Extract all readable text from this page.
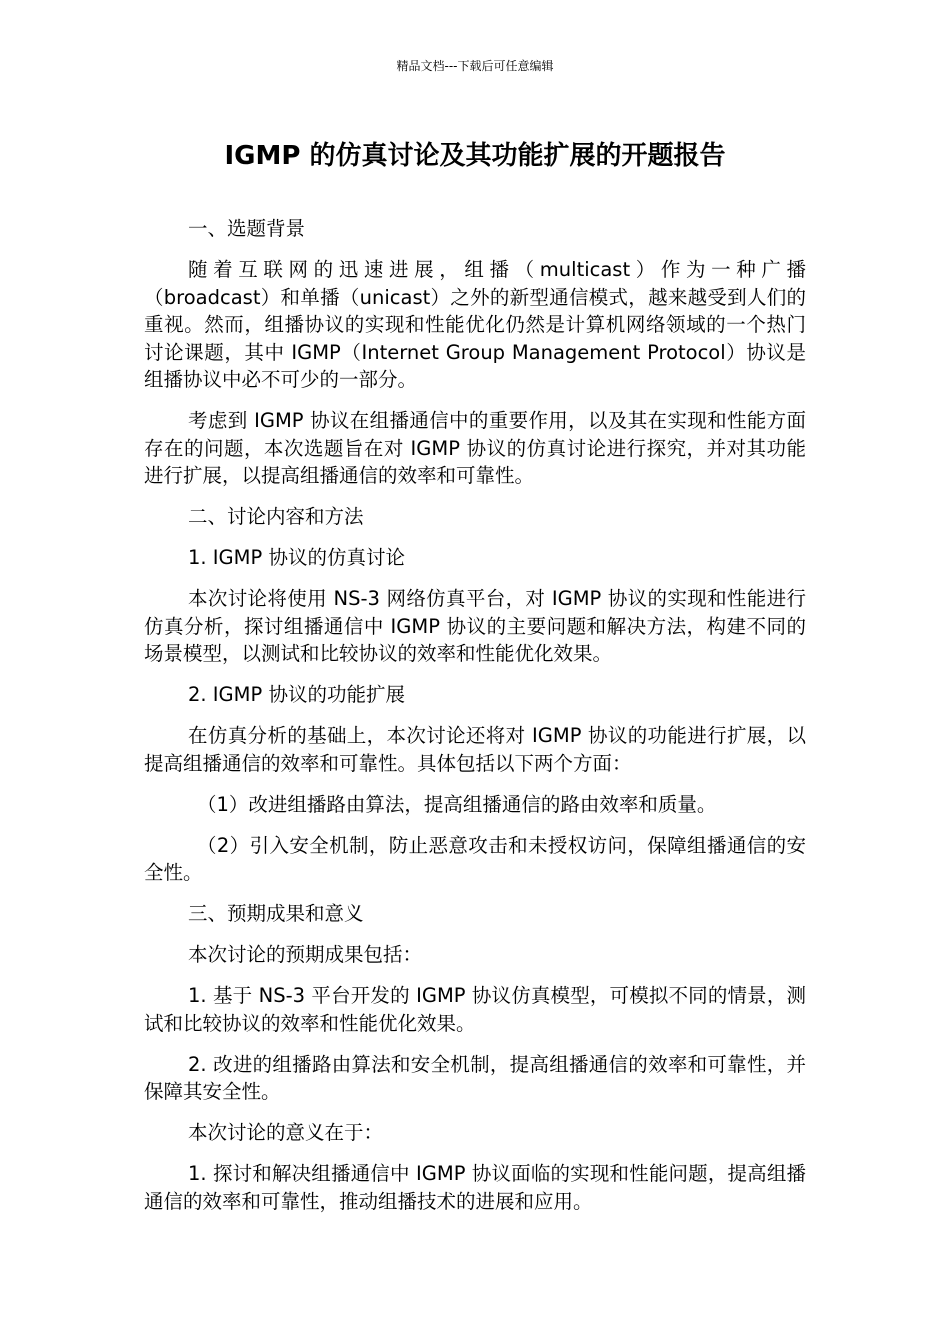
精品文档---下载后可任意编辑
IGMP 的仿真讨论及其功能扩展的开题报告

一、选题背景

随着互联网的迅速进展，组播（multicast）作为一种广播（broadcast）和单播（unicast）之外的新型通信模式，越来越受到人们的重视。然而，组播协议的实现和性能优化仍然是计算机网络领域的一个热门讨论课题，其中 IGMP（Internet Group Management Protocol）协议是组播协议中必不可少的一部分。

考虑到 IGMP 协议在组播通信中的重要作用，以及其在实现和性能方面存在的问题，本次选题旨在对 IGMP 协议的仿真讨论进行探究，并对其功能进行扩展，以提高组播通信的效率和可靠性。

二、讨论内容和方法

1. IGMP 协议的仿真讨论

本次讨论将使用 NS-3 网络仿真平台，对 IGMP 协议的实现和性能进行仿真分析，探讨组播通信中 IGMP 协议的主要问题和解决方法，构建不同的场景模型，以测试和比较协议的效率和性能优化效果。

2. IGMP 协议的功能扩展

在仿真分析的基础上，本次讨论还将对 IGMP 协议的功能进行扩展，以提高组播通信的效率和可靠性。具体包括以下两个方面：

（1）改进组播路由算法，提高组播通信的路由效率和质量。

（2）引入安全机制，防止恶意攻击和未授权访问，保障组播通信的安全性。

三、预期成果和意义

本次讨论的预期成果包括：

1. 基于 NS-3 平台开发的 IGMP 协议仿真模型，可模拟不同的情景，测试和比较协议的效率和性能优化效果。

2. 改进的组播路由算法和安全机制，提高组播通信的效率和可靠性，并保障其安全性。

本次讨论的意义在于：

1. 探讨和解决组播通信中 IGMP 协议面临的实现和性能问题，提高组播通信的效率和可靠性，推动组播技术的进展和应用。
